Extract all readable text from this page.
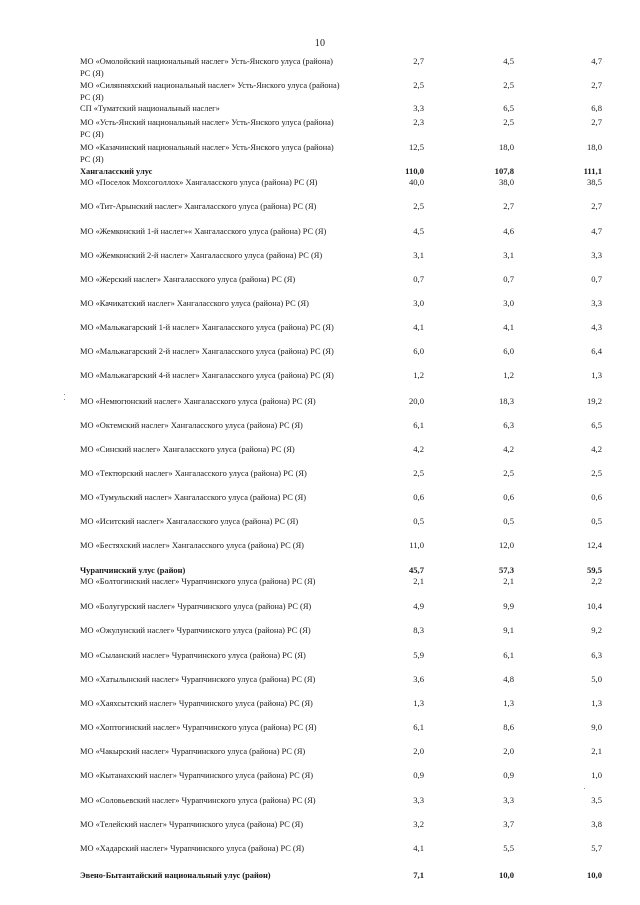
10
МО «Омолойский национальный наслег» Усть-Янского улуса (района) РС (Я)
2,7	4,5	4,7
МО «Силянняхский национальный наслег» Усть-Янского улуса (района) РС (Я)
2,5	2,5	2,7
СП «Туматский национальный наслег»	3,3	6,5	6,8
МО «Усть-Янский национальный наслег» Усть-Янского улуса (района) РС (Я)
2,3	2,5	2,7
МО «Казачинский национальный наслег» Усть-Янского улуса (района) РС (Я)
12,5	18,0	18,0
Хангаласский улус	110,0	107,8	111,1
МО «Поселок Мохсоголлох» Хангаласского улуса (района) РС (Я)	40,0	38,0	38,5
МО «Тит-Арынский наслег» Хангаласского улуса (района) РС (Я)	2,5	2,7	2,7
МО «Жемконский 1-й наслег»« Хангаласского улуса (района) РС (Я)	4,5	4,6	4,7
МО «Жемконский 2-й наслег» Хангаласского улуса (района) РС (Я)	3,1	3,1	3,3
МО «Жерский наслег» Хангаласского улуса (района) РС (Я)	0,7	0,7	0,7
МО «Качикатский наслег» Хангаласского улуса (района) РС (Я)	3,0	3,0	3,3
МО «Мальжагарский 1-й наслег» Хангаласского улуса (района) РС (Я)	4,1	4,1	4,3
МО «Мальжагарский 2-й наслег» Хангаласского улуса (района) РС (Я)	6,0	6,0	6,4
МО «Мальжагарский 4-й наслег» Хангаласского улуса (района) РС (Я)	1,2	1,2	1,3
МО «Немюгюнский наслег» Хангаласского улуса (района) РС (Я)	20,0	18,3	19,2
МО «Октемский наслег» Хангаласского улуса (района) РС (Я)	6,1	6,3	6,5
МО «Синский наслег» Хангаласского улуса (района) РС (Я)	4,2	4,2	4,2
МО «Тектюрский наслег» Хангаласского улуса (района) РС (Я)	2,5	2,5	2,5
МО «Тумульский наслег» Хангаласского улуса (района) РС (Я)	0,6	0,6	0,6
МО «Иситский наслег» Хангаласского улуса (района) РС (Я)	0,5	0,5	0,5
МО «Бестяхский наслег» Хангаласского улуса (района) РС (Я)	11,0	12,0	12,4
Чурапчинский улус (район)	45,7	57,3	59,5
МО «Болтогинский наслег» Чурапчинского улуса (района) РС (Я)	2,1	2,1	2,2
МО «Болугурский наслег» Чурапчинского улуса (района) РС (Я)	4,9	9,9	10,4
МО «Ожулунский наслег» Чурапчинского улуса (района) РС (Я)	8,3	9,1	9,2
МО «Сыланский наслег» Чурапчинского улуса (района) РС (Я)	5,9	6,1	6,3
МО «Хатылынский наслег» Чурапчинского улуса (района) РС (Я)	3,6	4,8	5,0
МО «Хаяхсытский наслег» Чурапчинского улуса (района) РС (Я)	1,3	1,3	1,3
МО «Хоптогинский наслег» Чурапчинского улуса (района) РС (Я)	6,1	8,6	9,0
МО «Чакырский наслег» Чурапчинского улуса (района) РС (Я)	2,0	2,0	2,1
МО «Кытанахский наслег» Чурапчинского улуса (района) РС (Я)	0,9	0,9	1,0
МО «Соловьевский наслег» Чурапчинского улуса (района) РС (Я)	3,3	3,3	3,5
МО «Телейский наслег» Чурапчинского улуса (района) РС (Я)	3,2	3,7	3,8
МО «Хадарский наслег» Чурапчинского улуса (района) РС (Я)	4,1	5,5	5,7
Эвено-Бытантайский национальный улус (район)	7,1	10,0	10,0
